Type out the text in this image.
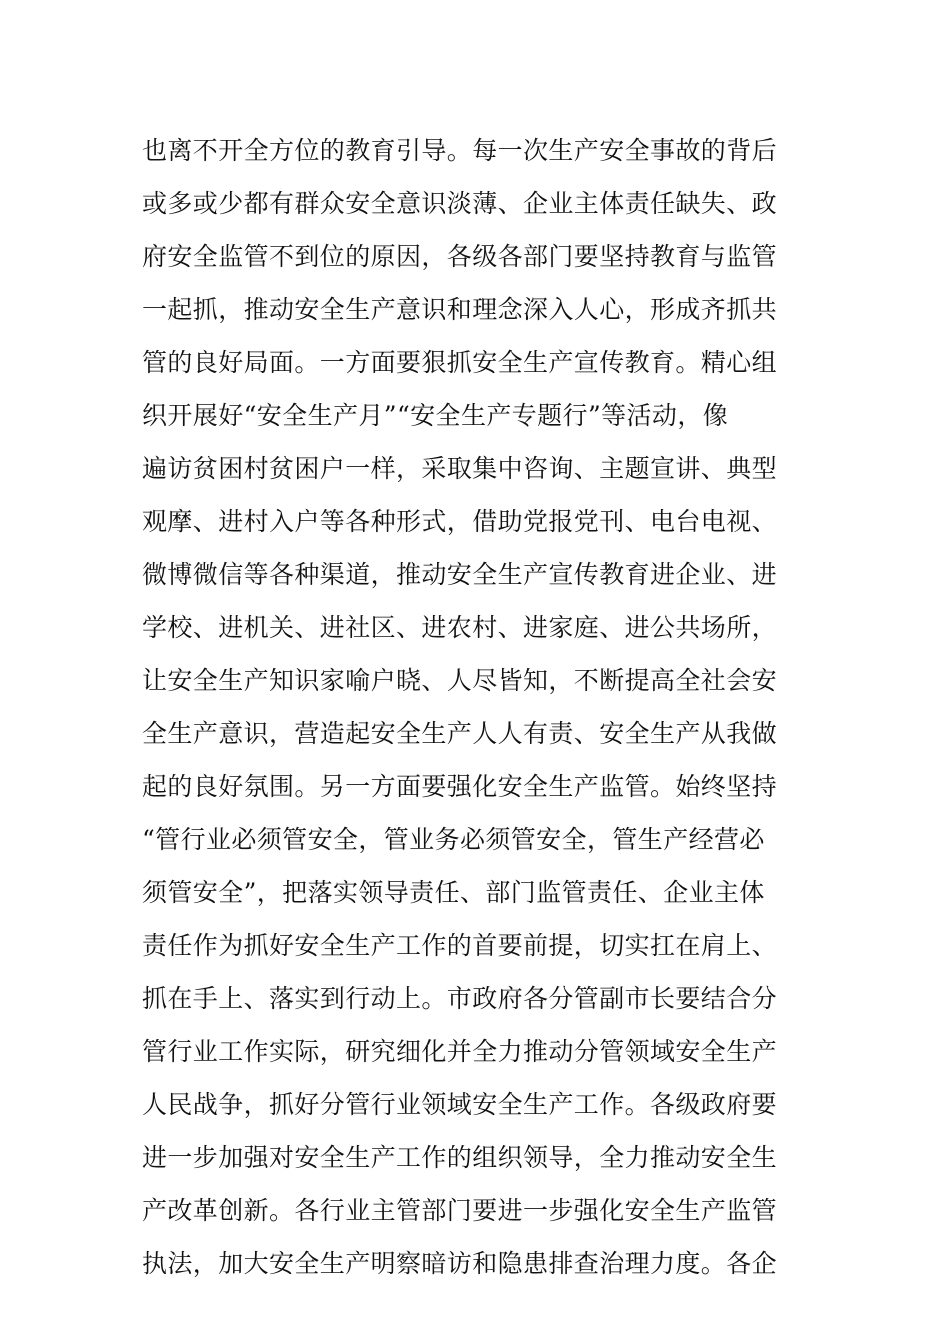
也离不开全方位的教育引导。每一次生产安全事故的背后
或多或少都有群众安全意识淡薄、企业主体责任缺失、政
府安全监管不到位的原因，各级各部门要坚持教育与监管
一起抓，推动安全生产意识和理念深入人心，形成齐抓共
管的良好局面。一方面要狠抓安全生产宣传教育。精心组
织开展好“安全生产月”“安全生产专题行”等活动，像
遍访贫困村贫困户一样，采取集中咨询、主题宣讲、典型
观摩、进村入户等各种形式，借助党报党刊、电台电视、
微博微信等各种渠道，推动安全生产宣传教育进企业、进
学校、进机关、进社区、进农村、进家庭、进公共场所，
让安全生产知识家喻户晓、人尽皆知，不断提高全社会安
全生产意识，营造起安全生产人人有责、安全生产从我做
起的良好氛围。另一方面要强化安全生产监管。始终坚持
“管行业必须管安全，管业务必须管安全，管生产经营必
须管安全”，把落实领导责任、部门监管责任、企业主体
责任作为抓好安全生产工作的首要前提，切实扛在肩上、
抓在手上、落实到行动上。市政府各分管副市长要结合分
管行业工作实际，研究细化并全力推动分管领域安全生产
人民战争，抓好分管行业领域安全生产工作。各级政府要
进一步加强对安全生产工作的组织领导，全力推动安全生
产改革创新。各行业主管部门要进一步强化安全生产监管
执法，加大安全生产明察暗访和隐患排查治理力度。各企
